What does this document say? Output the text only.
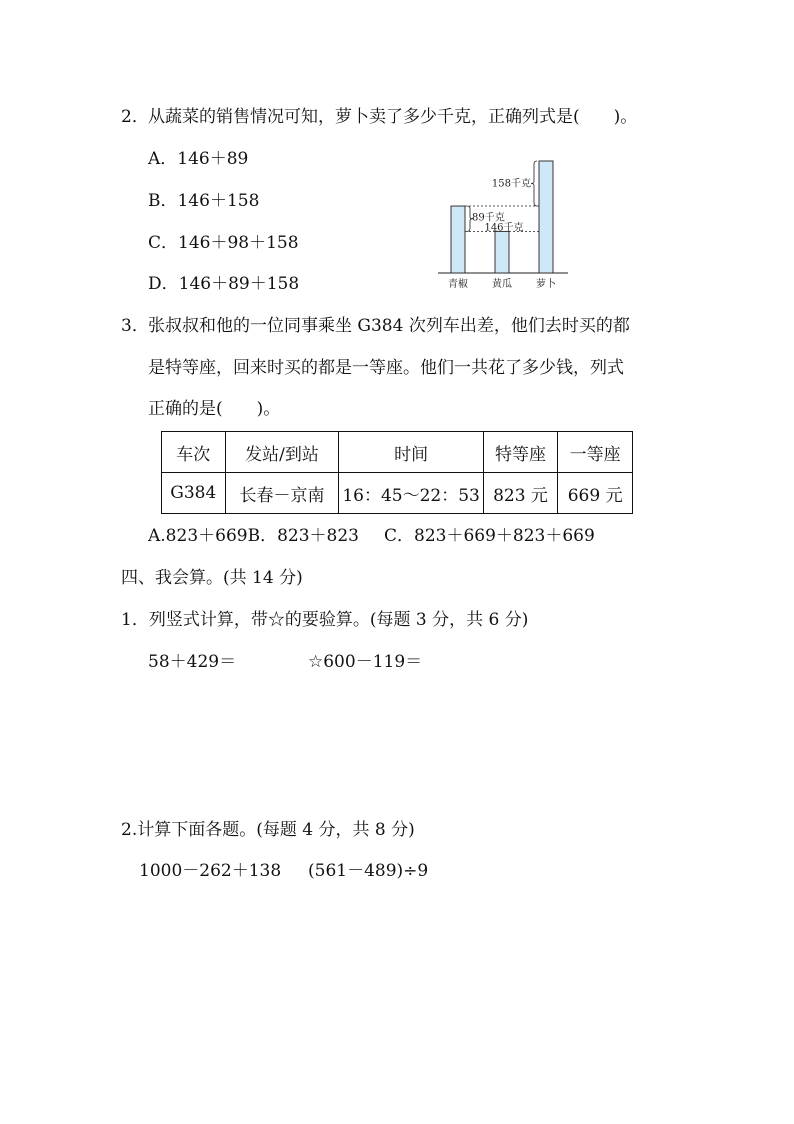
2． 从蔬菜的销售情况可知，萝卜卖了多少千克，正确列式是(　　)。
A．146＋89
B．146＋158
C．146＋98＋158
D．146＋89＋158	青椒 黄瓜 萝卜
158千克
89千克
146千克
3． 张叔叔和他的一位同事乘坐 G384 次列车出差，他们去时买的都
是特等座，回来时买的都是一等座。他们一共花了多少钱，列式
正确的是(　　)。
车次	发站/到站	时间	特等座	一等座
G384	长春－京南	16：45～22：53	823 元	669 元
A.823＋669B．823＋823 C．823＋669＋823＋669
四、我会算。(共 14 分)
1．列竖式计算，带☆的要验算。(每题 3 分，共 6 分)
58＋429＝	☆600－119＝
2.计算下面各题。(每题 4 分，共 8 分)
1000－262＋138 (561－489)÷9
